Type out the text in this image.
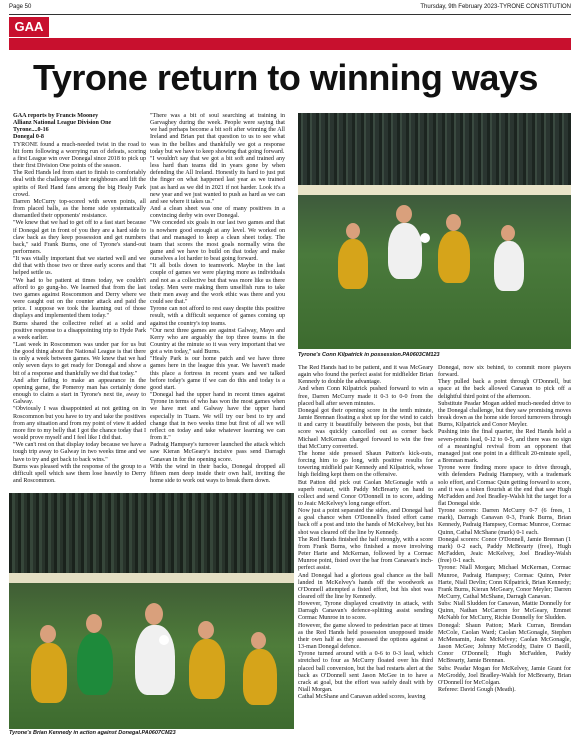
Page 50	Thursday, 9th February 2023-TYRONE CONSTITUTION
GAA
Tyrone return to winning ways

GAA reports by Francis Mooney

Allianz National League Division One

Tyrone....0-16

Donegal 0-8

TYRONE found a much-needed twist in the road to hit form following a worrying run of defeats, scoring a first League win over Donegal since 2018 to pick up their first Division One points of the season.

The Red Hands led from start to finish to comfortably deal with the challenge of their neighbours and lift the spirits of Red Hand fans among the big Healy Park crowd.

Darren McCurry top-scored with seven points, all from placed balls, as the home side systematically dismantled their opponents' resistance.

"We knew that we had to get off to a fast start because if Donegal get in front of you they are a hard side to claw back as they keep possession and get numbers back," said Frank Burns, one of Tyrone's stand-out performers.

"It was vitally important that we started well and we did that with those two or three early scores and that helped settle us.

"We had to be patient at times today, we couldn't afford to go gung-ho. We learned that from the last two games against Roscommon and Derry where we were caught out on the counter attack and paid the price. I suppose we took the learning out of those displays and implemented them today."

Burns shared the collective relief at a solid and positive response to a disappointing trip to Hyde Park a week earlier.

"Last week in Roscommon was under par for us but the good thing about the National League is that there is only a week between games. We knew that we had only seven days to get ready for Donegal and show a bit of a response and thankfully we did that today."

And after failing to make an appearance in the opening game, the Pomeroy man has certainly done enough to claim a start in Tyrone's next tie, away to Galway.

"Obviously I was disappointed at not getting on in Roscommon but you have to try and take the positives from any situation and from my point of view it added more fire to my belly that I got the chance today that I would prove myself and I feel like I did that.

"We can't rest on that display today because we have a tough trip away to Galway in two weeks time and we have to try and get back to back wins."

Burns was pleased with the response of the group to a difficult spell which saw them lose heavily to Derry and Roscommon.

"There was a bit of soul searching at training in Garvaghey during the week. People were saying that we had perhaps become a bit soft after winning the All Ireland and Brian put that question to us to see what was in the bellies and thankfully we got a response today but we have to keep showing that going forward.

"I wouldn't say that we got a bit soft and trained any less hard than teams did in years gone by when defending the All Ireland. Honestly its hard to just put the finger on what happened last year as we trained just as hard as we did in 2021 if not harder. Look it's a new year and we just wanted to push as hard as we can and see where it takes us."

And a clean sheet was one of many positives in a convincing derby win over Donegal.

"We conceded six goals in our last two games and that is nowhere good enough at any level. We worked on that and managed to keep a clean sheet today. The team that scores the most goals normally wins the game and we have to build on that today and make ourselves a lot harder to beat going forward.

"It all boils down to teamwork. Maybe in the last couple of games we were playing more as individuals and not as a collective but that was more like us there today. Men were making them unselfish runs to take their men away and the work ethic was there and you could see that."

Tyrone can not afford to rest easy despite this positive result, with a difficult sequence of games coming up against the country's top teams.

"Our next three games are against Galway, Mayo and Kerry who are arguably the top three teams in the Country at the minute so it was very important that we got a win today," said Burns.

"Healy Park is our home patch and we have three games here in the league this year. We haven't made this place a fortress in recent years and we talked before today's game if we can do this and today is a good start.

"Donegal had the upper hand in recent times against Tyrone in terms of who has won the most games when we have met and Galway have the upper hand especially in Tuam. We will try our best to try and change that in two weeks time but first of all we will reflect on today and take whatever learning we can from it."

Padraig Hampsey's turnover launched the attack which saw Kieran McGeary's incisive pass send Darragh Canavan in for the opening score.

With the wind in their backs, Donegal dropped all fifteen men deep inside their own half, inviting the home side to work out ways to break them down.

Tyrone's Conn Kilpatrick in possession.PA0603CM123

The Red Hands had to be patient, and it was McGeary again who found the perfect assist for midfielder Brian Kennedy to double the advantage.

And when Conn Kilpatrick pushed forward to win a free, Darren McCurry made it 0-3 to 0-0 from the placed ball after seven minutes.

Donegal got their opening score in the tenth minute, Jamie Brennan floating a shot up for the wind to catch it and carry it beautifully between the posts, but that score was quickly cancelled out as corner back Michael McKernan charged forward to win the free that McCurry converted.

The home side pressed Shaun Patton's kick-outs, forcing him to go long, with positive results for towering midfield pair Kennedy and Kilpatrick, whose high fielding kept them on the offensive.

But Patton did pick out Caolan McGonagle with a superb restart, with Paddy McBrearty on hand to collect and send Conor O'Donnell in to score, adding to Jeaic McKelvey's long range effort.

Now just a point separated the sides, and Donegal had a goal chance when O'Donnell's fisted effort came back off a post and into the hands of McKelvey, but his shot was cleared off the line by Kennedy.

The Red Hands finished the half strongly, with a score from Frank Burns, who finished a move involving Peter Harte and McKernan, followed by a Cormac Munroe point, fisted over the bar from Canavan's inch-perfect assist.

And Donegal had a glorious goal chance as the ball landed in McKelvey's hands off the woodwork as O'Donnell attempted a fisted effort, but his shot was cleared off the line by Kennedy.

However, Tyrone displayed creativity in attack, with Darragh Canavan's defence-splitting assist sending Cormac Munroe in to score.

However, the game slowed to pedestrian pace at times as the Red Hands held possession unopposed inside their own half as they assessed the options against a 13-man Donegal defence.

Tyrone turned around with a 0-6 to 0-3 lead, which stretched to four as McCurry floated over his third placed ball conversion, but the bad restarts alert at the back as O'Donnell sent Jason McGee in to have a crack at goal, but the effort was safely dealt with by Niall Morgan.

Cathal McShane and Canavan added scores, leaving

Donegal, now six behind, to commit more players forward.

They pulled back a point through O'Donnell, but space at the back allowed Canavan to pick off a delightful third point of the afternoon.

Substitute Peadar Mogan added much-needed drive to the Donegal challenge, but they saw promising moves break down as the home side forced turnovers through Burns, Kilpatrick and Conor Meyler.

Pushing into the final quarter, the Red Hands held a seven-points lead, 0-12 to 0-5, and there was no sign of a meaningful revival from an opponent that managed just one point in a difficult 20-minute spell, a Brennan mark.

Tyrone were finding more space to drive through, with defenders Padraig Hampsey, with a trademark solo effort, and Cormac Quin getting forward to score, and it was a token flourish at the end that saw Hugh McFadden and Joel Bradley-Walsh hit the target for a flat Donegal side.

Tyrone scorers: Darren McCurry 0-7 (6 frees, 1 mark), Darragh Canavan 0-3, Frank Burns, Brian Kennedy, Padraig Hampsey, Cormac Munroe, Cormac Quinn, Cathal McShane (mark) 0-1 each.

Donegal scorers: Conor O'Donnell, Jamie Brennan (1 mark) 0-2 each, Paddy McBrearty (free), Hugh McFadden, Jeaic McKelvey, Joel Bradley-Walsh (free) 0-1 each.

Tyrone: Niall Morgan; Michael McKernan, Cormac Munroe, Padraig Hampsey; Cormac Quinn, Peter Harte, Niall Devlin; Conn Kilpatrick, Brian Kennedy; Frank Burns, Kieran McGeary, Conor Meyler; Darren McCurry, Cathal McShane, Darragh Canavan.

Subs: Niall Sludden for Canavan, Mattie Donnelly for Quinn, Nathan McCarron for McGeary, Emmet McNabb for McCurry, Richie Donnelly for Sludden.

Donegal: Shaun Patton; Mark Curran, Brendan McCole, Caolan Ward; Caolan McGonagle, Stephen McMenamin, Jeaic McKelvey; Caolan McGonagle, Jason McGee; Johnny McGroddy, Daire O Baoill, Conor O'Donnell; Hugh McFadden, Paddy McBrearty, Jamie Brennan.

Subs: Peadar Mogan for McKelvey, Jamie Grant for McGroddy, Joel Bradley-Walsh for McBrearty, Brian O'Donnell for McColgan.

Referee: David Gough (Meath).

Tyrone's Brian Kennedy in action against Donegal.PA0607CM23
